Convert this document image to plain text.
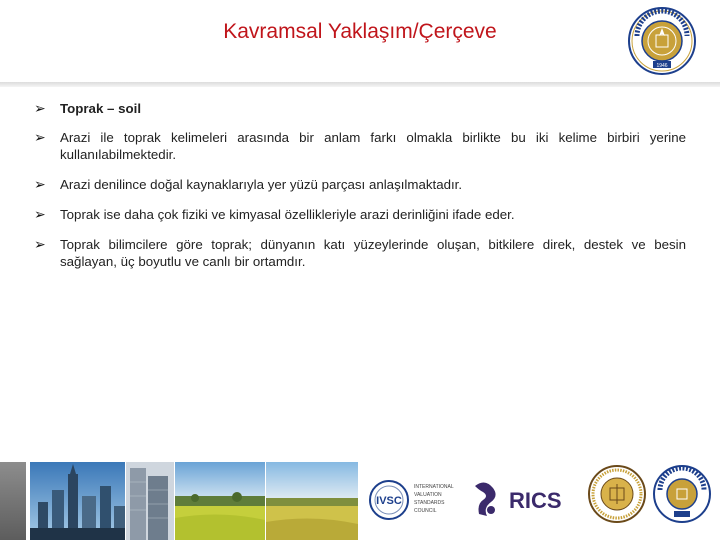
Kavramsal Yaklaşım/Çerçeve
1946
➢ Toprak – soil
➢ Arazi ile toprak kelimeleri arasında bir anlam farkı olmakla birlikte bu iki kelime birbiri yerine kullanılabilmektedir.
➢ Arazi denilince doğal kaynaklarıyla yer yüzü parçası anlaşılmaktadır.
➢ Toprak ise daha çok fiziki ve kimyasal özellikleriyle arazi derinliğini ifade eder.
➢ Toprak bilimcilere göre toprak; dünyanın katı yüzeylerinde oluşan, bitkilere direk, destek ve besin sağlayan, üç boyutlu ve canlı bir ortamdır.
IVSC
INTERNATIONAL
VALUATION
STANDARDS
COUNCIL	RICS
